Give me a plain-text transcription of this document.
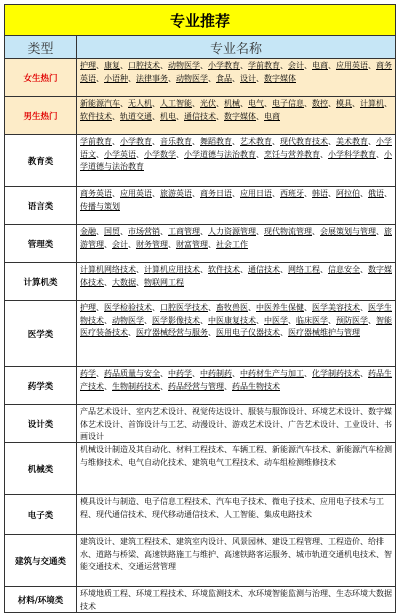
专业推荐
类型	专业名称
女生热门
护理、康复、口腔技术、动物医学、小学教育、学前教育、会计、电商、应用英语、商务英语、小语种、法律事务、动物医学、食品、设计、数字媒体
男生热门
新能源汽车、无人机、人工智能、光伏、机械、电气、电子信息、数控、模具、计算机、软件技术、轨道交通、机电、通信技术、数字媒体、电商
教育类
学前教育、小学教育、音乐教育、舞蹈教育、艺术教育、现代教育技术、美术教育、小学语文、小学英语、小学数学、小学道德与法治教育、烹饪与营养教育、小学科学教育、小学道德与法治教育
语言类
商务英语、应用英语、旅游英语、商务日语、应用日语、西班牙、韩语、阿拉伯、俄语、传播与策划
管理类
金融、国贸、市场营销、工商管理、人力资源管理、现代物流管理、会展策划与管理、旅游管理、会计、财务管理、财富管理、社会工作
计算机类
计算机网络技术、计算机应用技术、软件技术、通信技术、网络工程、信息安全、数字媒体技术、大数据、物联网工程
医学类
护理、医学检验技术、口腔医学技术、畜牧兽医、中医养生保健、医学美容技术、医学生物技术、动物医学、医学影像技术、中医康复技术、中医学、临床医学、预防医学、智能医疗装备技术、医疗器械经营与服务、医用电子仪器技术、医疗器械维护与管理
药学类
药学、药品质量与安全、中药学、中药制药、中药材生产与加工、化学制药技术、药品生产技术、生物制药技术、药品经营与管理、药品生物技术
设计类
产品艺术设计、室内艺术设计、视觉传达设计、服装与服饰设计、环境艺术设计、数字媒体艺术设计、首饰设计与工艺、动漫设计、游戏艺术设计、广告艺术设计、工业设计、书画设计
机械类
机械设计制造及其自动化、材料工程技术、车辆工程、新能源汽车技术、新能源汽车检测与维修技术、电气自动化技术、建筑电气工程技术、动车组检测维修技术
电子类
模具设计与制造、电子信息工程技术、汽车电子技术、微电子技术、应用电子技术与工程、现代通信技术、现代移动通信技术、人工智能、集成电路技术
建筑与交通类
建筑设计、建筑工程技术、建筑室内设计、风景园林、建设工程管理、工程造价、给排水、道路与桥梁、高速铁路施工与维护、高速铁路客运服务、城市轨道交通机电技术、智能交通技术、交通运营管理
材料/环境类
环境地质工程、环境工程技术、环境监测技术、水环境智能监测与治理、生态环境大数据技术
